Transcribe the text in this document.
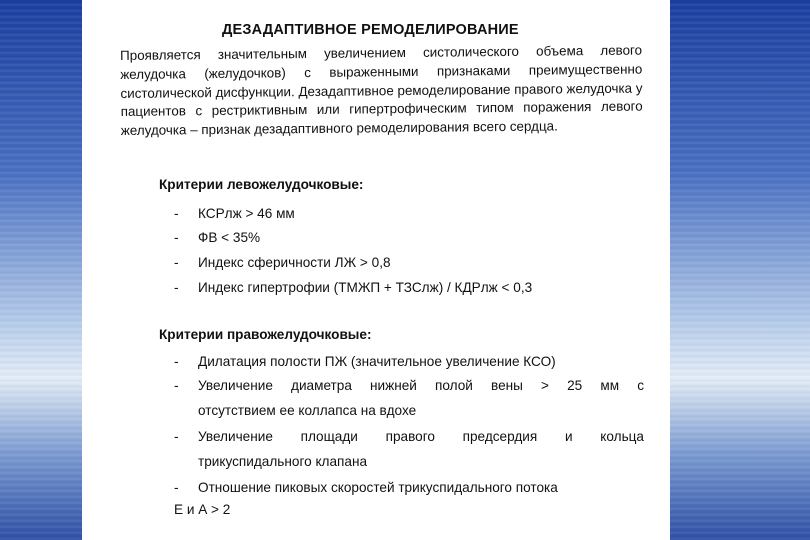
ДЕЗАДАПТИВНОЕ РЕМОДЕЛИРОВАНИЕ
Проявляется значительным увеличением систолического объема левого желудочка (желудочков) с выраженными признаками преимущественно систолической дисфункции. Дезадаптивное ремоделирование правого желудочка у пациентов с рестриктивным или гипертрофическим типом поражения левого желудочка – признак дезадаптивного ремоделирования всего сердца.
Критерии левожелудочковые:
- КСРлж > 46 мм
- ФВ < 35%
- Индекс сферичности ЛЖ > 0,8
- Индекс гипертрофии (ТМЖП + ТЗСлж) / КДРлж < 0,3
Критерии правожелудочковые:
- Дилатация полости ПЖ (значительное увеличение КСО)
- Увеличение диаметра нижней полой вены > 25 мм с
отсутствием ее коллапса на вдохе
- Увеличение площади правого предсердия и кольца
трикуспидального клапана
- Отношение пиковых скоростей трикуспидального потока
Е и А > 2
